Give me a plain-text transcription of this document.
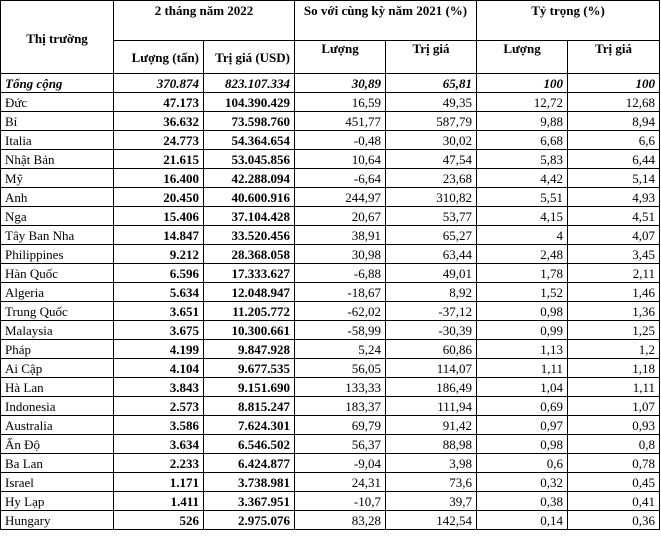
Thị trường	2 tháng năm 2022		So với cùng kỳ năm 2021 (%)		Tỷ trọng (%)	
	Lượng (tấn)	Trị giá (USD)	Lượng	Trị giá	Lượng	Trị giá
Tổng cộng	370.874	823.107.334	30,89	65,81	100	100
Đức	47.173	104.390.429	16,59	49,35	12,72	12,68
Bỉ	36.632	73.598.760	451,77	587,79	9,88	8,94
Italia	24.773	54.364.654	-0,48	30,02	6,68	6,6
Nhật Bản	21.615	53.045.856	10,64	47,54	5,83	6,44
Mỹ	16.400	42.288.094	-6,64	23,68	4,42	5,14
Anh	20.450	40.600.916	244,97	310,82	5,51	4,93
Nga	15.406	37.104.428	20,67	53,77	4,15	4,51
Tây Ban Nha	14.847	33.520.456	38,91	65,27	4	4,07
Philippines	9.212	28.368.058	30,98	63,44	2,48	3,45
Hàn Quốc	6.596	17.333.627	-6,88	49,01	1,78	2,11
Algeria	5.634	12.048.947	-18,67	8,92	1,52	1,46
Trung Quốc	3.651	11.205.772	-62,02	-37,12	0,98	1,36
Malaysia	3.675	10.300.661	-58,99	-30,39	0,99	1,25
Pháp	4.199	9.847.928	5,24	60,86	1,13	1,2
Ai Cập	4.104	9.677.535	56,05	114,07	1,11	1,18
Hà Lan	3.843	9.151.690	133,33	186,49	1,04	1,11
Indonesia	2.573	8.815.247	183,37	111,94	0,69	1,07
Australia	3.586	7.624.301	69,79	91,42	0,97	0,93
Ấn Độ	3.634	6.546.502	56,37	88,98	0,98	0,8
Ba Lan	2.233	6.424.877	-9,04	3,98	0,6	0,78
Israel	1.171	3.738.981	24,31	73,6	0,32	0,45
Hy Lạp	1.411	3.367.951	-10,7	39,7	0,38	0,41
Hungary	526	2.975.076	83,28	142,54	0,14	0,36
